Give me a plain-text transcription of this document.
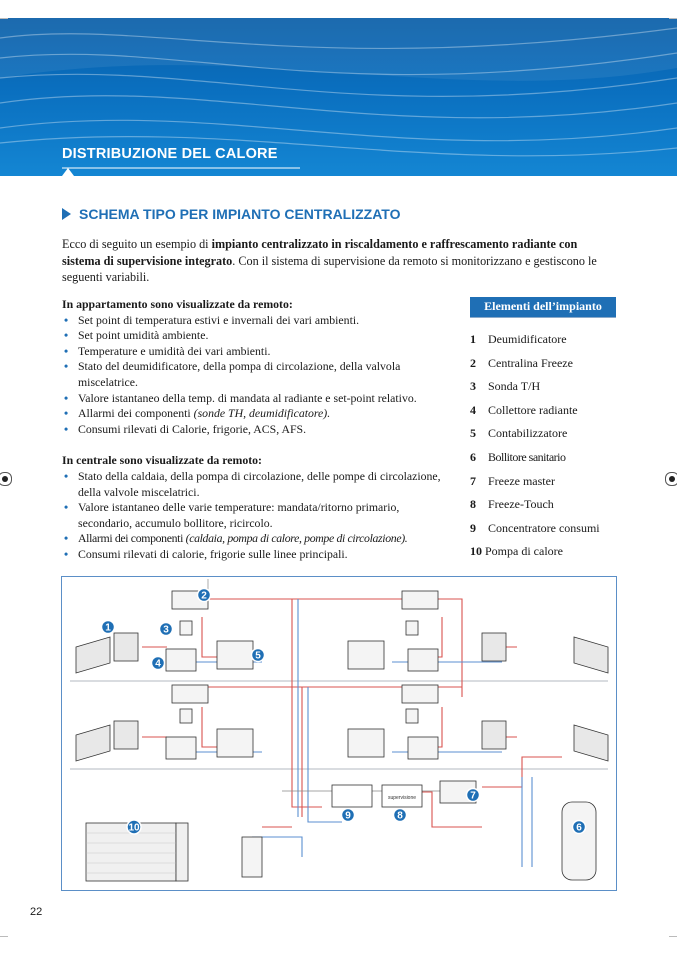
DISTRIBUZIONE DEL CALORE
SCHEMA TIPO PER IMPIANTO CENTRALIZZATO
Ecco di seguito un esempio di impianto centralizzato in riscaldamento e raffrescamento radiante con sistema di supervisione integrato. Con il sistema di supervisione da remoto si monitorizzano e gestiscono le seguenti variabili.
In appartamento sono visualizzate da remoto:
• Set point di temperatura estivi e invernali dei vari ambienti.
• Set point umidità ambiente.
• Temperature e umidità dei vari ambienti.
• Stato del deumidificatore, della pompa di circolazione, della valvola miscelatrice.
• Valore istantaneo della temp. di mandata al radiante e set-point relativo.
• Allarmi dei componenti (sonde TH, deumidificatore).
• Consumi rilevati di Calorie, frigorie, ACS, AFS.
In centrale sono visualizzate da remoto:
• Stato della caldaia, della pompa di circolazione, delle pompe di circolazione, della valvole miscelatrici.
• Valore istantaneo delle varie temperature: mandata/ritorno primario, secondario, accumulo bollitore, ricircolo.
• Allarmi dei componenti (caldaia, pompa di calore, pompe di circolazione).
• Consumi rilevati di calorie, frigorie sulle linee principali.
Elementi dell’impianto
1 Deumidificatore
2 Centralina Freeze
3 Sonda T/H
4 Collettore radiante
5 Contabilizzatore
6 Bollitore sanitario
7 Freeze master
8 Freeze-Touch
9 Concentratore consumi
10 Pompa di calore
supervisione
1
2
3
4
5
6
7
8
9
10
22
